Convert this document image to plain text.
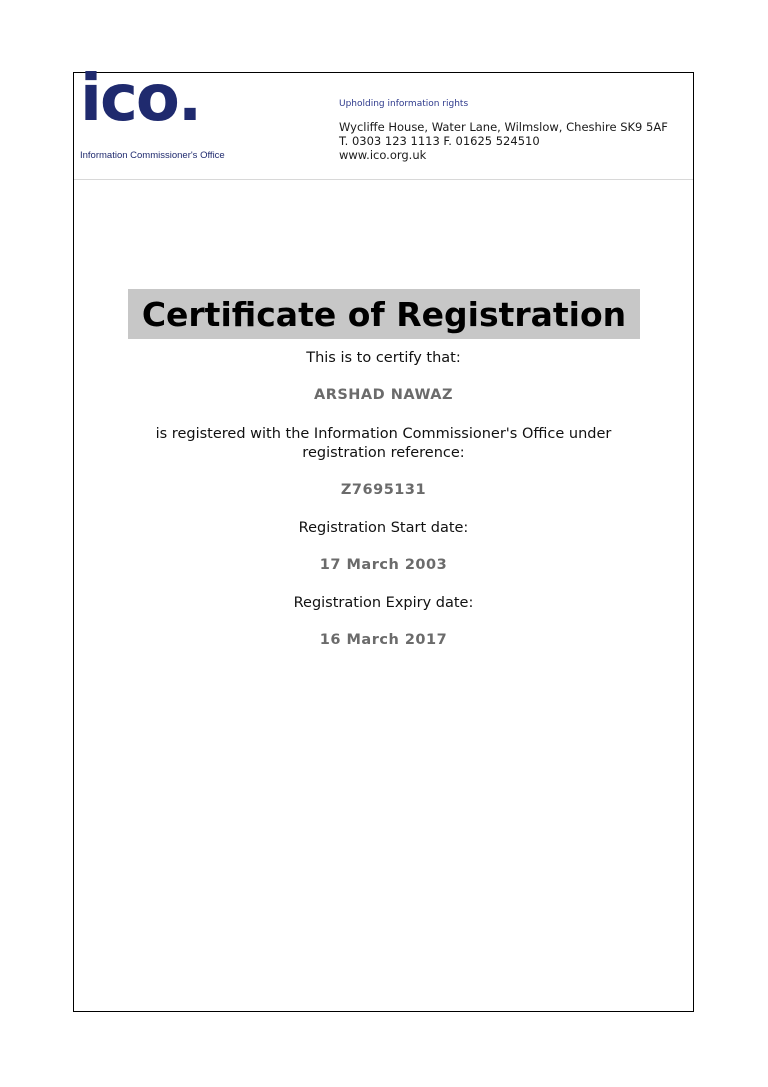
ico.
Information Commissioner's Office
Upholding information rights
Wycliffe House, Water Lane, Wilmslow, Cheshire SK9 5AF
T. 0303 123 1113 F. 01625 524510
www.ico.org.uk
Certificate of Registration
This is to certify that:
ARSHAD NAWAZ
is registered with the Information Commissioner's Office under
registration reference:
Z7695131
Registration Start date:
17 March 2003
Registration Expiry date:
16 March 2017
